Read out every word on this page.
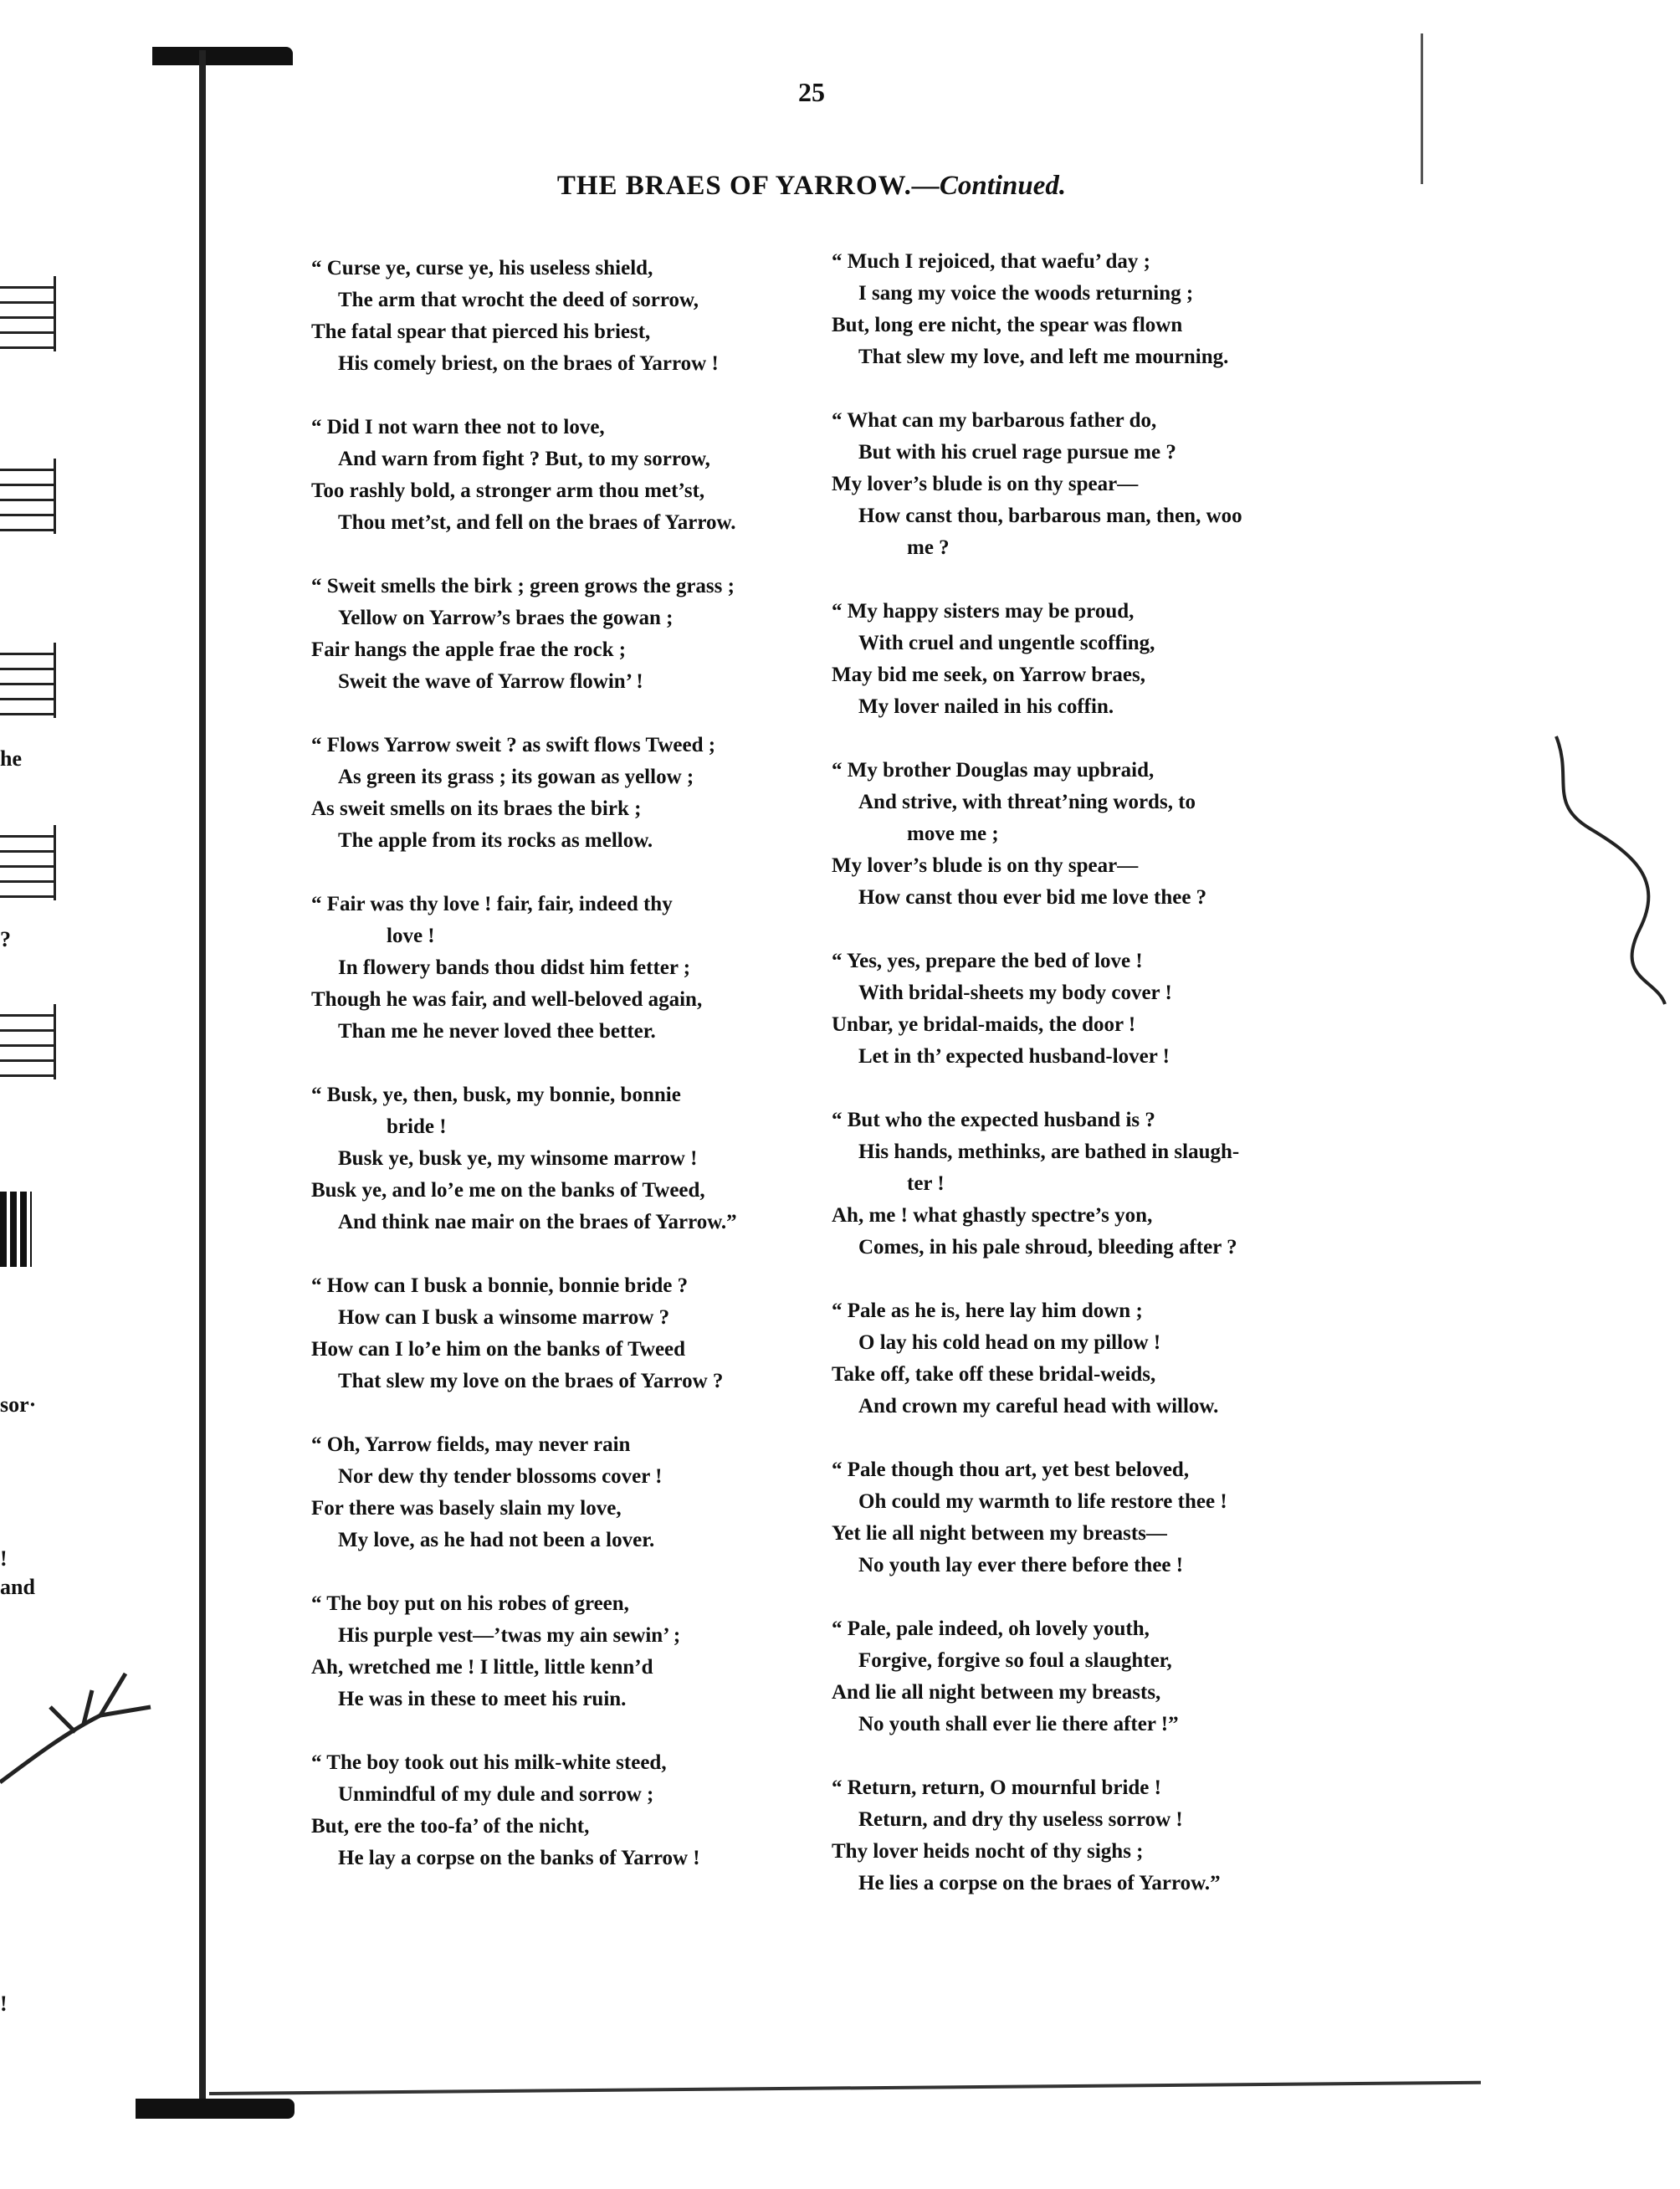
he
?
sor·
!
and
!
25
THE BRAES OF YARROW.—Continued.
“ Curse ye, curse ye, his useless shield,
The arm that wrocht the deed of sorrow,
The fatal spear that pierced his briest,
His comely briest, on the braes of Yarrow !
“ Did I not warn thee not to love,
And warn from fight ? But, to my sorrow,
Too rashly bold, a stronger arm thou met’st,
Thou met’st, and fell on the braes of Yarrow.
“ Sweit smells the birk ; green grows the grass ;
Yellow on Yarrow’s braes the gowan ;
Fair hangs the apple frae the rock ;
Sweit the wave of Yarrow flowin’ !
“ Flows Yarrow sweit ? as swift flows Tweed ;
As green its grass ; its gowan as yellow ;
As sweit smells on its braes the birk ;
The apple from its rocks as mellow.
“ Fair was thy love ! fair, fair, indeed thy
love !
In flowery bands thou didst him fetter ;
Though he was fair, and well-beloved again,
Than me he never loved thee better.
“ Busk, ye, then, busk, my bonnie, bonnie
bride !
Busk ye, busk ye, my winsome marrow !
Busk ye, and lo’e me on the banks of Tweed,
And think nae mair on the braes of Yarrow.”
“ How can I busk a bonnie, bonnie bride ?
How can I busk a winsome marrow ?
How can I lo’e him on the banks of Tweed
That slew my love on the braes of Yarrow ?
“ Oh, Yarrow fields, may never rain
Nor dew thy tender blossoms cover !
For there was basely slain my love,
My love, as he had not been a lover.
“ The boy put on his robes of green,
His purple vest—’twas my ain sewin’ ;
Ah, wretched me ! I little, little kenn’d
He was in these to meet his ruin.
“ The boy took out his milk-white steed,
Unmindful of my dule and sorrow ;
But, ere the too-fa’ of the nicht,
He lay a corpse on the banks of Yarrow !
“ Much I rejoiced, that waefu’ day ;
I sang my voice the woods returning ;
But, long ere nicht, the spear was flown
That slew my love, and left me mourning.
“ What can my barbarous father do,
But with his cruel rage pursue me ?
My lover’s blude is on thy spear—
How canst thou, barbarous man, then, woo
me ?
“ My happy sisters may be proud,
With cruel and ungentle scoffing,
May bid me seek, on Yarrow braes,
My lover nailed in his coffin.
“ My brother Douglas may upbraid,
And strive, with threat’ning words, to
move me ;
My lover’s blude is on thy spear—
How canst thou ever bid me love thee ?
“ Yes, yes, prepare the bed of love !
With bridal-sheets my body cover !
Unbar, ye bridal-maids, the door !
Let in th’ expected husband-lover !
“ But who the expected husband is ?
His hands, methinks, are bathed in slaugh-
ter !
Ah, me ! what ghastly spectre’s yon,
Comes, in his pale shroud, bleeding after ?
“ Pale as he is, here lay him down ;
O lay his cold head on my pillow !
Take off, take off these bridal-weids,
And crown my careful head with willow.
“ Pale though thou art, yet best beloved,
Oh could my warmth to life restore thee !
Yet lie all night between my breasts—
No youth lay ever there before thee !
“ Pale, pale indeed, oh lovely youth,
Forgive, forgive so foul a slaughter,
And lie all night between my breasts,
No youth shall ever lie there after !”
“ Return, return, O mournful bride !
Return, and dry thy useless sorrow !
Thy lover heids nocht of thy sighs ;
He lies a corpse on the braes of Yarrow.”
